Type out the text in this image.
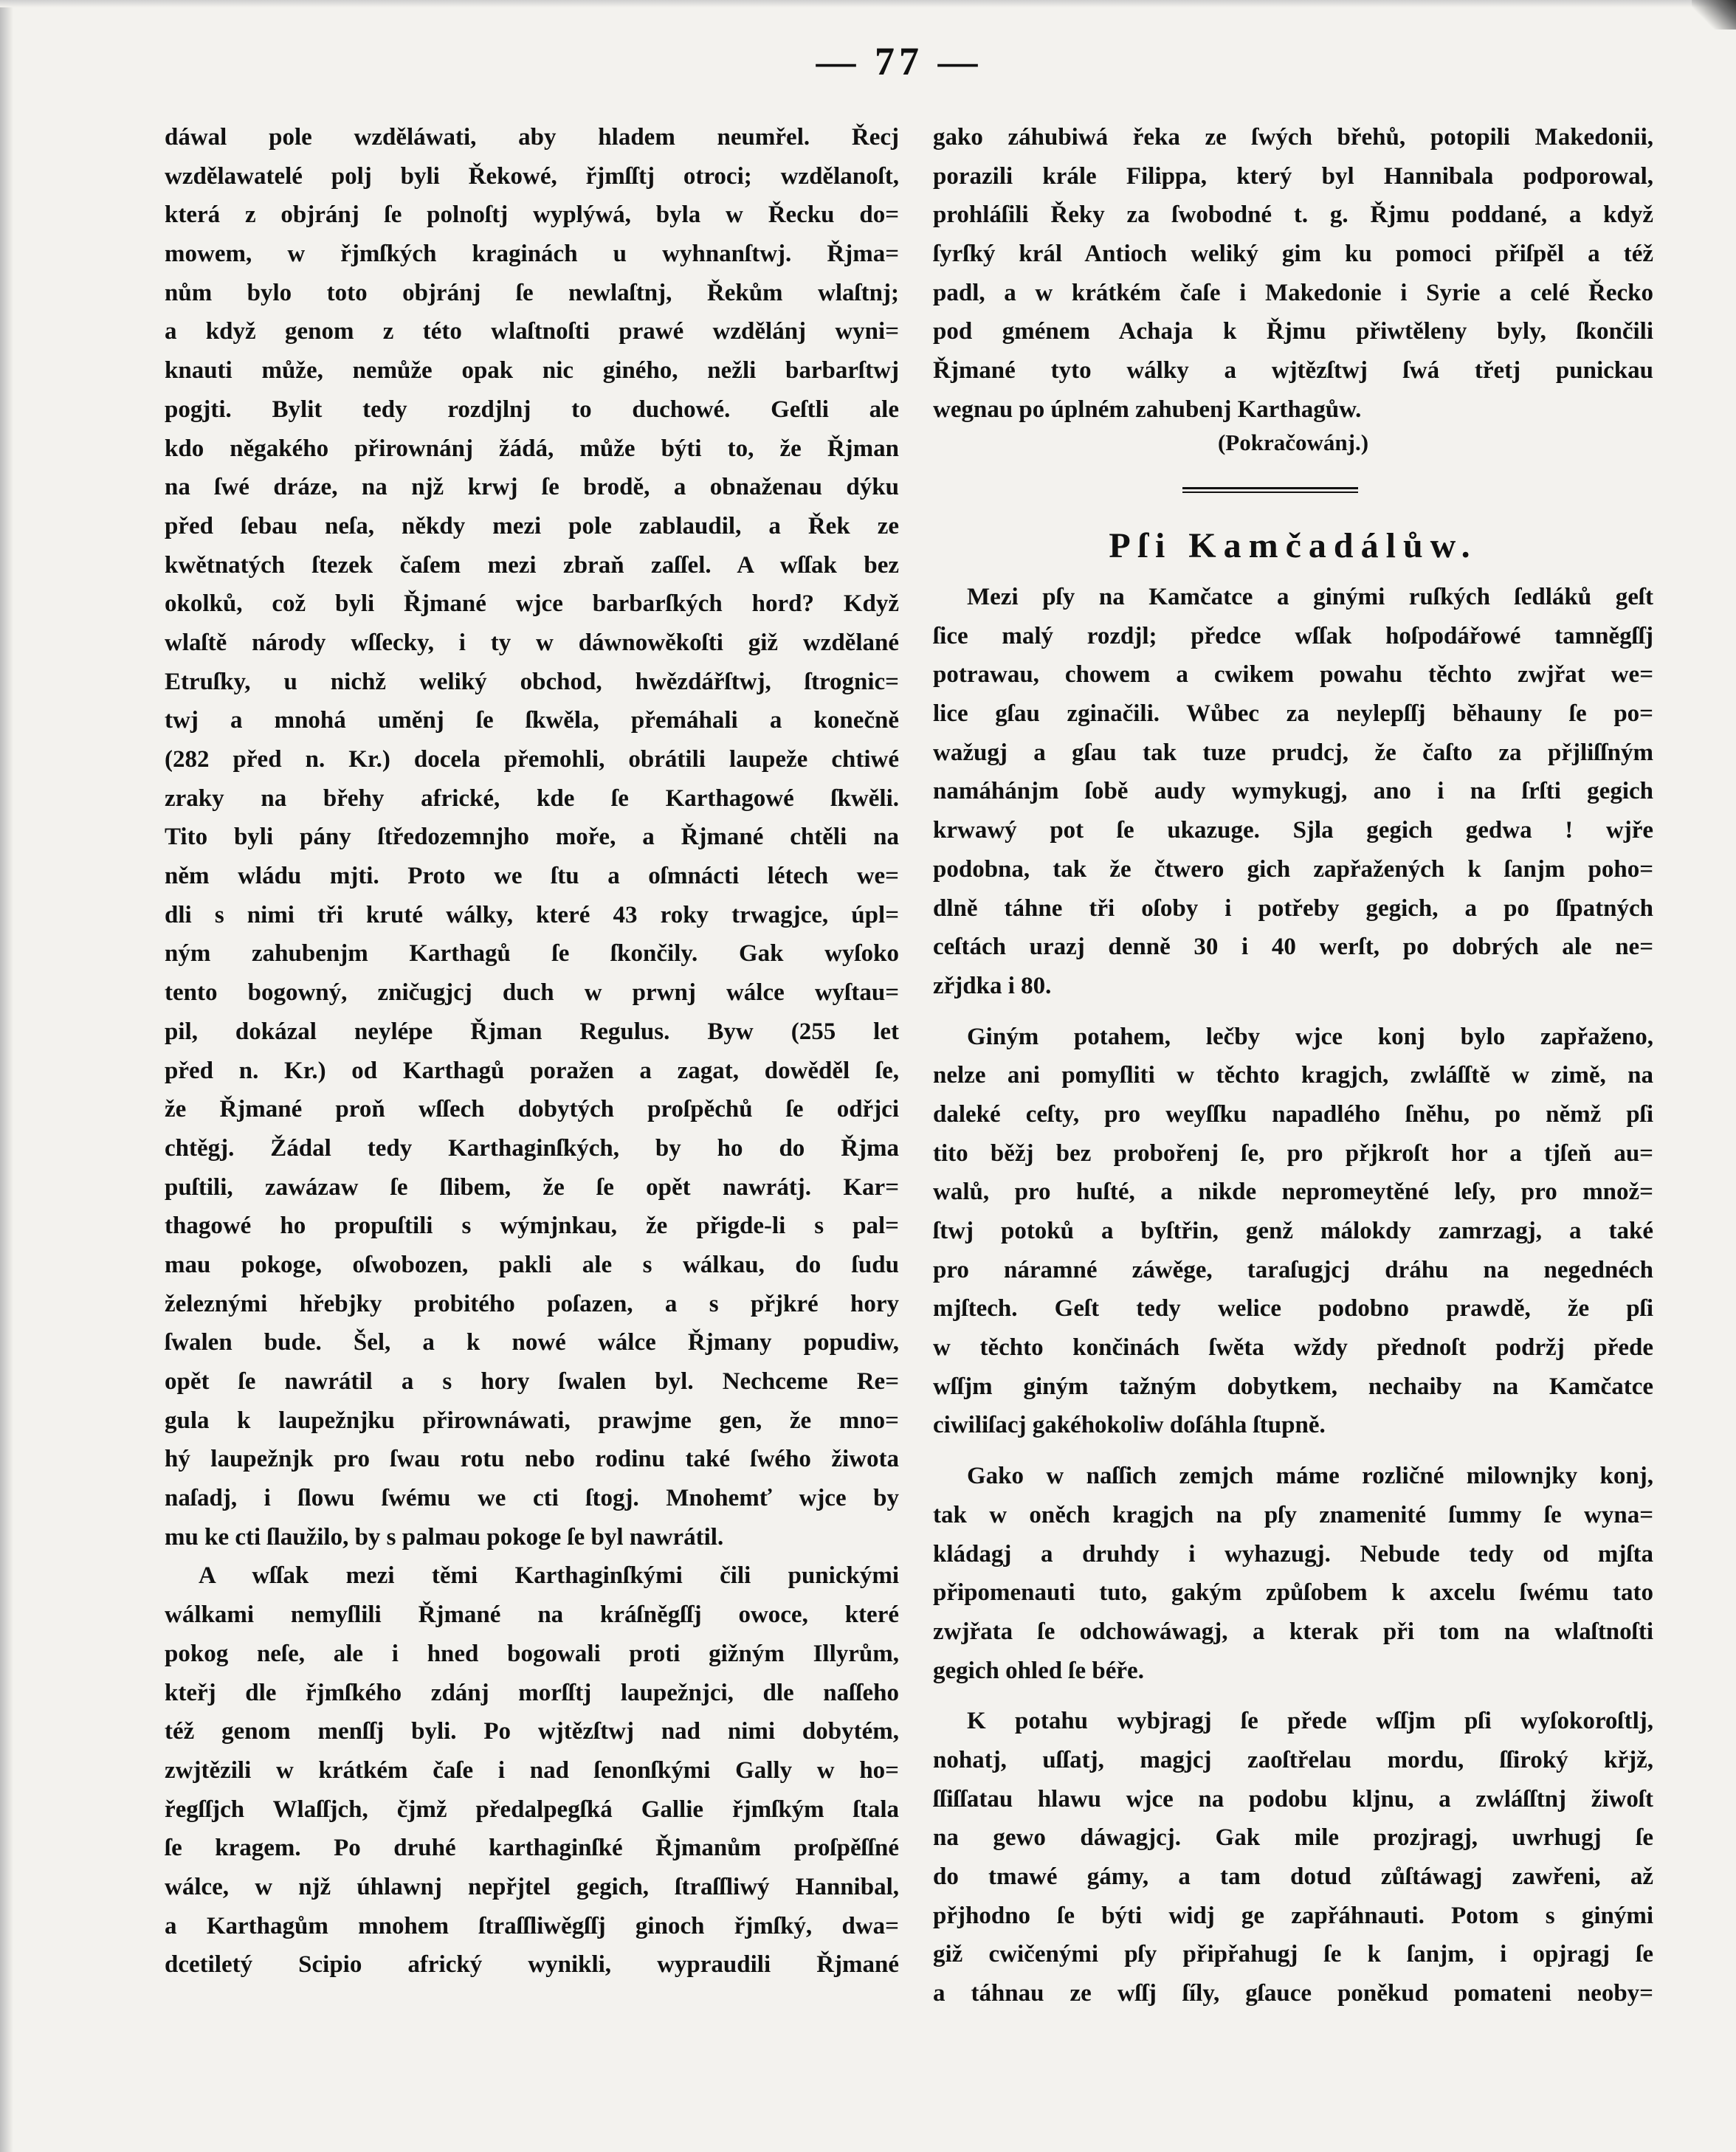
— 77 —
dáwal pole wzděláwati, aby hladem neumřel. Řecj
wzdělawatelé polj byli Řekowé, řjmſſtj otroci; wzdělanoſt,
která z objránj ſe polnoſtj wyplýwá, byla w Řecku do=
mowem, w řjmſkých kraginách u wyhnanſtwj. Řjma=
nům bylo toto objránj ſe newlaſtnj, Řekům wlaſtnj;
a když genom z této wlaſtnoſti prawé wzdělánj wyni=
knauti může, nemůže opak nic giného, nežli barbarſtwj
pogjti. Bylit tedy rozdjlnj to duchowé. Geſtli ale
kdo něgakého přirownánj žádá, může býti to, že Řjman
na ſwé dráze, na njž krwj ſe brodě, a obnaženau dýku
před ſebau neſa, někdy mezi pole zablaudil, a Řek ze
kwětnatých ſtezek čaſem mezi zbraň zaſſel. A wſſak bez
okolků, což byli Řjmané wjce barbarſkých hord? Když
wlaſtě národy wſſecky, i ty w dáwnowěkoſti giž wzdělané
Etruſky, u nichž weliký obchod, hwězdářſtwj, ſtrognic=
twj a mnohá uměnj ſe ſkwěla, přemáhali a konečně
(282 před n. Kr.) docela přemohli, obrátili laupeže chtiwé
zraky na břehy africké, kde ſe Karthagowé ſkwěli.
Tito byli pány ſtředozemnjho moře, a Řjmané chtěli na
něm wládu mjti. Proto we ſtu a oſmnácti létech we=
dli s nimi tři kruté wálky, které 43 roky trwagjce, úpl=
ným zahubenjm Karthagů ſe ſkončily. Gak wyſoko
tento bogowný, zničugjcj duch w prwnj wálce wyſtau=
pil, dokázal neylépe Řjman Regulus. Byw (255 let
před n. Kr.) od Karthagů poražen a zagat, dowěděl ſe,
že Řjmané proň wſſech dobytých proſpěchů ſe odřjci
chtěgj. Žádal tedy Karthaginſkých, by ho do Řjma
puſtili, zawázaw ſe ſlibem, že ſe opět nawrátj. Kar=
thagowé ho propuſtili s wýmjnkau, že přigde-li s pal=
mau pokoge, oſwobozen, pakli ale s wálkau, do ſudu
železnými hřebjky probitého poſazen, a s přjkré hory
ſwalen bude. Šel, a k nowé wálce Řjmany popudiw,
opět ſe nawrátil a s hory ſwalen byl. Nechceme Re=
gula k laupežnjku přirownáwati, prawjme gen, že mno=
hý laupežnjk pro ſwau rotu nebo rodinu také ſwého žiwota
naſadj, i ſlowu ſwému we cti ſtogj. Mnohemť wjce by
mu ke cti ſlaužilo, by s palmau pokoge ſe byl nawrátil.
A wſſak mezi těmi Karthaginſkými čili punickými
wálkami nemyſlili Řjmané na kráſněgſſj owoce, které
pokog neſe, ale i hned bogowali proti gižným Illyrům,
kteřj dle řjmſkého zdánj morſſtj laupežnjci, dle naſſeho
též genom menſſj byli. Po wjtězſtwj nad nimi dobytém,
zwjtězili w krátkém čaſe i nad ſenonſkými Gally w ho=
řegſſjch Wlaſſjch, čjmž předalpegſká Gallie řjmſkým ſtala
ſe kragem. Po druhé karthaginſké Řjmanům proſpěſſné
wálce, w njž úhlawnj nepřjtel gegich, ſtraſſliwý Hannibal,
a Karthagům mnohem ſtraſſliwěgſſj ginoch řjmſký, dwa=
dcetiletý Scipio africký wynikli, wypraudili Řjmané
gako záhubiwá řeka ze ſwých břehů, potopili Makedonii,
porazili krále Filippa, který byl Hannibala podporowal,
prohláſili Řeky za ſwobodné t. g. Řjmu poddané, a když
ſyrſký král Antioch weliký gim ku pomoci přiſpěl a též
padl, a w krátkém čaſe i Makedonie i Syrie a celé Řecko
pod gménem Achaja k Řjmu přiwtěleny byly, ſkončili
Řjmané tyto wálky a wjtězſtwj ſwá třetj punickau
wegnau po úplném zahubenj Karthagůw.
(Pokračowánj.)
Pſi Kamčadálůw.
Mezi pſy na Kamčatce a ginými ruſkých ſedláků geſt
ſice malý rozdjl; předce wſſak hoſpodářowé tamněgſſj
potrawau, chowem a cwikem powahu těchto zwjřat we=
lice gſau zginačili. Wůbec za neylepſſj běhauny ſe po=
wažugj a gſau tak tuze prudcj, že čaſto za přjliſſným
namáhánjm ſobě audy wymykugj, ano i na ſrſti gegich
krwawý pot ſe ukazuge. Sjla gegich gedwa ! wjře
podobna, tak že čtwero gich zapřažených k ſanjm poho=
dlně táhne tři oſoby i potřeby gegich, a po ſſpatných
ceſtách urazj denně 30 i 40 werſt, po dobrých ale ne=
zřjdka i 80.
Giným potahem, lečby wjce konj bylo zapřaženo,
nelze ani pomyſliti w těchto kragjch, zwláſſtě w zimě, na
daleké ceſty, pro weyſſku napadlého ſněhu, po němž pſi
tito běžj bez probořenj ſe, pro přjkroſt hor a tjſeň au=
walů, pro huſté, a nikde nepromeytěné leſy, pro množ=
ſtwj potoků a byſtřin, genž málokdy zamrzagj, a také
pro náramné záwěge, taraſugjcj dráhu na negednéch
mjſtech. Geſt tedy welice podobno prawdě, že pſi
w těchto končinách ſwěta wždy přednoſt podržj přede
wſſjm giným tažným dobytkem, nechaiby na Kamčatce
ciwiliſacj gakéhokoliw doſáhla ſtupně.
Gako w naſſich zemjch máme rozličné milownjky konj,
tak w oněch kragjch na pſy znamenité ſummy ſe wyna=
kládagj a druhdy i wyhazugj. Nebude tedy od mjſta
připomenauti tuto, gakým způſobem k axcelu ſwému tato
zwjřata ſe odchowáwagj, a kterak při tom na wlaſtnoſti
gegich ohled ſe béře.
K potahu wybjragj ſe přede wſſjm pſi wyſokoroſtlj,
nohatj, uſſatj, magjcj zaoſtřelau mordu, ſſiroký křjž,
ſſiſſatau hlawu wjce na podobu klјnu, a zwláſſtnj žiwoſt
na gewo dáwagjcj. Gak mile prozjragj, uwrhugj ſe
do tmawé gámy, a tam dotud zůſtáwagj zawřeni, až
přjhodno ſe býti widj ge zapřáhnauti. Potom s ginými
giž cwičenými pſy připřahugj ſe k ſanjm, i opjragj ſe
a táhnau ze wſſj ſíly, gſauce poněkud pomateni neoby=
